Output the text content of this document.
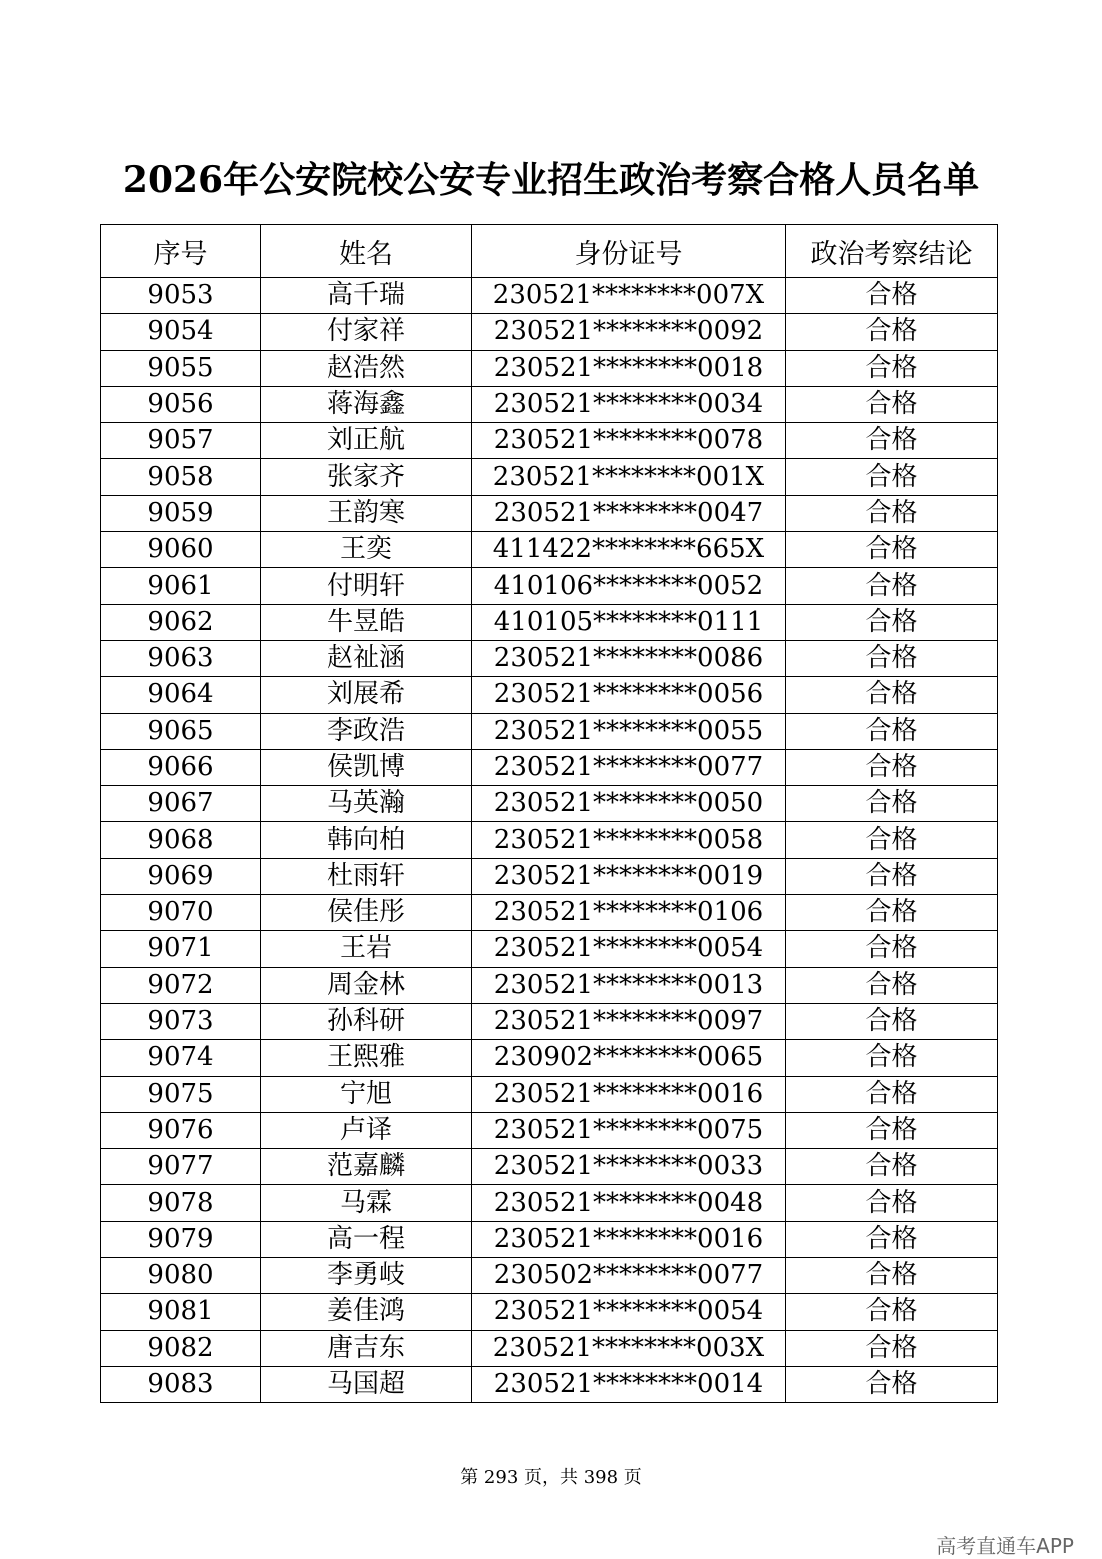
2026年公安院校公安专业招生政治考察合格人员名单
序号	姓名	身份证号	政治考察结论
9053	高千瑞	230521********007X	合格
9054	付家祥	230521********0092	合格
9055	赵浩然	230521********0018	合格
9056	蒋海鑫	230521********0034	合格
9057	刘正航	230521********0078	合格
9058	张家齐	230521********001X	合格
9059	王韵寒	230521********0047	合格
9060	王奕	411422********665X	合格
9061	付明轩	410106********0052	合格
9062	牛昱皓	410105********0111	合格
9063	赵祉涵	230521********0086	合格
9064	刘展希	230521********0056	合格
9065	李政浩	230521********0055	合格
9066	侯凯博	230521********0077	合格
9067	马英瀚	230521********0050	合格
9068	韩向柏	230521********0058	合格
9069	杜雨轩	230521********0019	合格
9070	侯佳彤	230521********0106	合格
9071	王岩	230521********0054	合格
9072	周金林	230521********0013	合格
9073	孙科研	230521********0097	合格
9074	王熙雅	230902********0065	合格
9075	宁旭	230521********0016	合格
9076	卢译	230521********0075	合格
9077	范嘉麟	230521********0033	合格
9078	马霖	230521********0048	合格
9079	高一程	230521********0016	合格
9080	李勇岐	230502********0077	合格
9081	姜佳鸿	230521********0054	合格
9082	唐吉东	230521********003X	合格
9083	马国超	230521********0014	合格
第 293 页，共 398 页
高考直通车APP
